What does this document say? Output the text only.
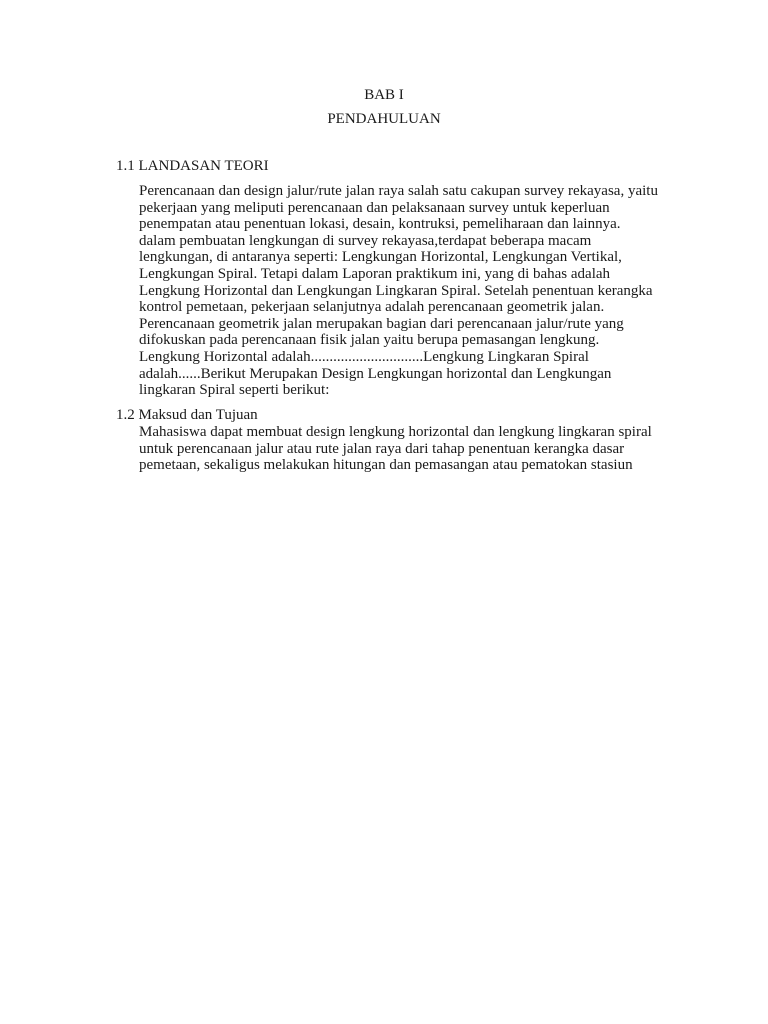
BAB I
PENDAHULUAN
1.1 LANDASAN TEORI
Perencanaan dan design jalur/rute jalan raya salah satu cakupan survey rekayasa, yaitu
pekerjaan yang meliputi perencanaan dan pelaksanaan survey untuk keperluan
penempatan atau penentuan lokasi, desain, kontruksi, pemeliharaan dan lainnya.
dalam pembuatan lengkungan di survey rekayasa,terdapat beberapa macam
lengkungan, di antaranya seperti: Lengkungan Horizontal, Lengkungan Vertikal,
Lengkungan Spiral. Tetapi dalam Laporan praktikum ini, yang di bahas adalah
Lengkung Horizontal dan Lengkungan Lingkaran Spiral. Setelah penentuan kerangka
kontrol pemetaan, pekerjaan selanjutnya adalah perencanaan geometrik jalan.
Perencanaan geometrik jalan merupakan bagian dari perencanaan jalur/rute yang
difokuskan pada perencanaan fisik jalan yaitu berupa pemasangan lengkung.
Lengkung Horizontal adalah..............................Lengkung Lingkaran Spiral
adalah......Berikut Merupakan Design Lengkungan horizontal dan Lengkungan
lingkaran Spiral seperti berikut:
1.2 Maksud dan Tujuan
Mahasiswa dapat membuat design lengkung horizontal dan lengkung lingkaran spiral
untuk perencanaan jalur atau rute jalan raya dari tahap penentuan kerangka dasar
pemetaan, sekaligus melakukan hitungan dan pemasangan atau pematokan stasiun
